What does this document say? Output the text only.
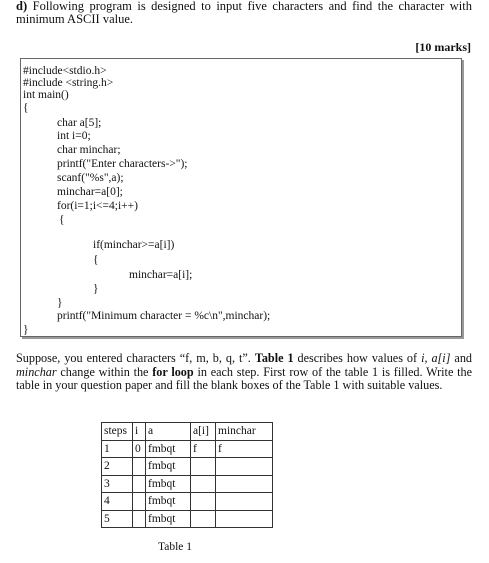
d) Following program is designed to input five characters and find the character with minimum ASCII value.
[10 marks]
#include<stdio.h>
#include <string.h>
int main()
{
char a[5];
int i=0;
char minchar;
printf("Enter characters->");
scanf("%s",a);
minchar=a[0];
for(i=1;i<=4;i++)
{
if(minchar>=a[i])
{
minchar=a[i];
}
}
printf("Minimum character = %c\n",minchar);
}
Suppose, you entered characters “f, m, b, q, t”. Table 1 describes how values of i, a[i] and minchar change within the for loop in each step. First row of the table 1 is filled. Write the table in your question paper and fill the blank boxes of the Table 1 with suitable values.
steps	i	a	a[i]	minchar
1	0	fmbqt	f	f
2		fmbqt		
3		fmbqt		
4		fmbqt		
5		fmbqt		
Table 1
